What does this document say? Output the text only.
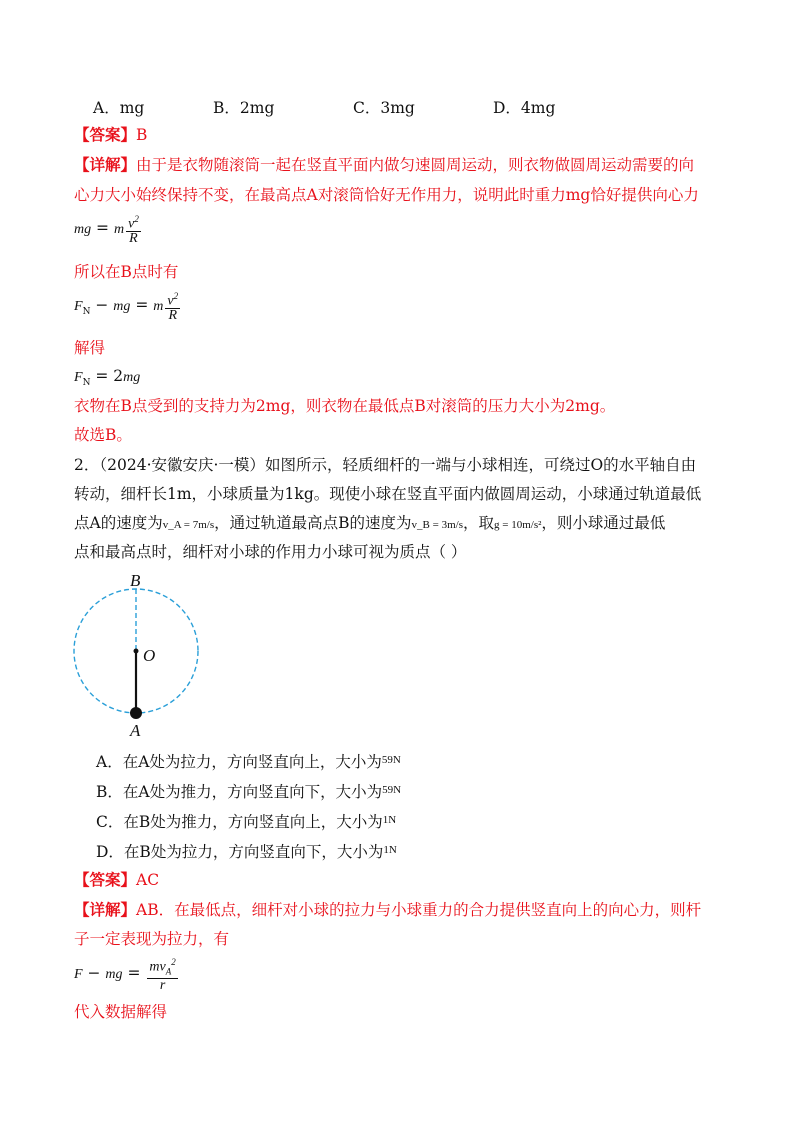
A．mg	B．2mg	C．3mg	D．4mg
【答案】B
【详解】由于是衣物随滚筒一起在竖直平面内做匀速圆周运动，则衣物做圆周运动需要的向
心力大小始终保持不变，在最高点A对滚筒恰好无作用力，说明此时重力mg恰好提供向心力
mg = m $\frac{v^2}{R}$
所以在B点时有
$F_N$ − mg = m $\frac{v^2}{R}$
解得
$F_N = 2mg$
衣物在B点受到的支持力为2mg，则衣物在最低点B对滚筒的压力大小为2mg。
故选B。
2．（2024·安徽安庆·一模）如图所示，轻质细杆的一端与小球相连，可绕过O的水平轴自由
转动，细杆长1m，小球质量为1kg。现使小球在竖直平面内做圆周运动，小球通过轨道最低
点A的速度为v_A = 7m/s，通过轨道最高点B的速度为v_B = 3m/s，取g = 10m/s²，则小球通过最低
点和最高点时，细杆对小球的作用力小球可视为质点（ ）
B
O
A
A．在A处为拉力，方向竖直向上，大小为$^{59N}$
B．在A处为推力，方向竖直向下，大小为$^{59N}$
C．在B处为推力，方向竖直向上，大小为$^{1N}$
D．在B处为拉力，方向竖直向下，大小为$^{1N}$
【答案】AC
【详解】AB．在最低点，细杆对小球的拉力与小球重力的合力提供竖直向上的向心力，则杆
子一定表现为拉力，有
F − mg = $\frac{mv_A^2}{r}$
代入数据解得
